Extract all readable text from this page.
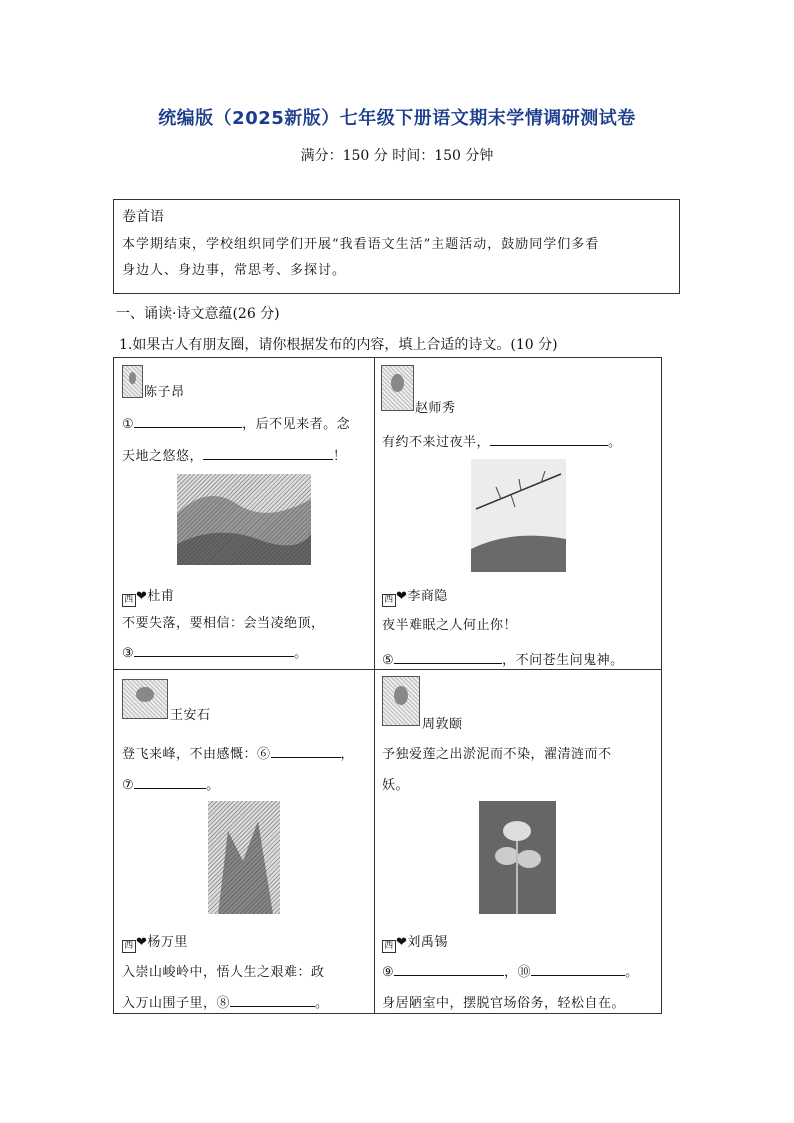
统编版（2025新版）七年级下册语文期末学情调研测试卷
满分：150 分 时间：150 分钟
卷首语
本学期结束，学校组织同学们开展“我看语文生活”主题活动，鼓励同学们多看
身边人、身边事，常思考、多探讨。
一、诵读·诗文意蕴(26 分)
1.如果古人有朋友圈，请你根据发布的内容，填上合适的诗文。(10 分)
陈子昂
①	，后不见来者。念
天地之悠悠，	！
西 ❤杜甫
不要失落，要相信：会当凌绝顶，
③	。
赵师秀
有约不来过夜半，	。
西 ❤李商隐
夜半难眠之人何止你！
⑤	，不问苍生问鬼神。
王安石
登飞来峰，不由感慨：⑥	，
⑦	。
西 ❤杨万里
入崇山峻岭中，悟人生之艰难：政
入万山围子里，⑧	。
周敦颐
予独爱莲之出淤泥而不染，濯清涟而不
妖。
西 ❤刘禹锡
⑨	，⑩	。
身居陋室中，摆脱官场俗务，轻松自在。
